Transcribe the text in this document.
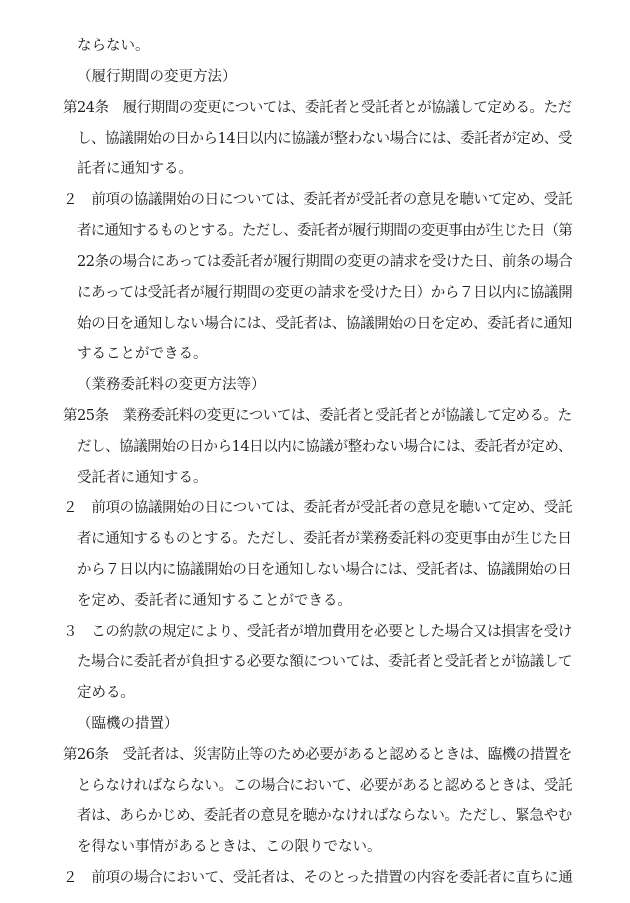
ならない。
（履行期間の変更方法）
第24条　履行期間の変更については、委託者と受託者とが協議して定める。ただ
し、協議開始の日から14日以内に協議が整わない場合には、委託者が定め、受
託者に通知する。
２　前項の協議開始の日については、委託者が受託者の意見を聴いて定め、受託
者に通知するものとする。ただし、委託者が履行期間の変更事由が生じた日（第
22条の場合にあっては委託者が履行期間の変更の請求を受けた日、前条の場合
にあっては受託者が履行期間の変更の請求を受けた日）から７日以内に協議開
始の日を通知しない場合には、受託者は、協議開始の日を定め、委託者に通知
することができる。
（業務委託料の変更方法等）
第25条　業務委託料の変更については、委託者と受託者とが協議して定める。た
だし、協議開始の日から14日以内に協議が整わない場合には、委託者が定め、
受託者に通知する。
２　前項の協議開始の日については、委託者が受託者の意見を聴いて定め、受託
者に通知するものとする。ただし、委託者が業務委託料の変更事由が生じた日
から７日以内に協議開始の日を通知しない場合には、受託者は、協議開始の日
を定め、委託者に通知することができる。
３　この約款の規定により、受託者が増加費用を必要とした場合又は損害を受け
た場合に委託者が負担する必要な額については、委託者と受託者とが協議して
定める。
（臨機の措置）
第26条　受託者は、災害防止等のため必要があると認めるときは、臨機の措置を
とらなければならない。この場合において、必要があると認めるときは、受託
者は、あらかじめ、委託者の意見を聴かなければならない。ただし、緊急やむ
を得ない事情があるときは、この限りでない。
２　前項の場合において、受託者は、そのとった措置の内容を委託者に直ちに通
